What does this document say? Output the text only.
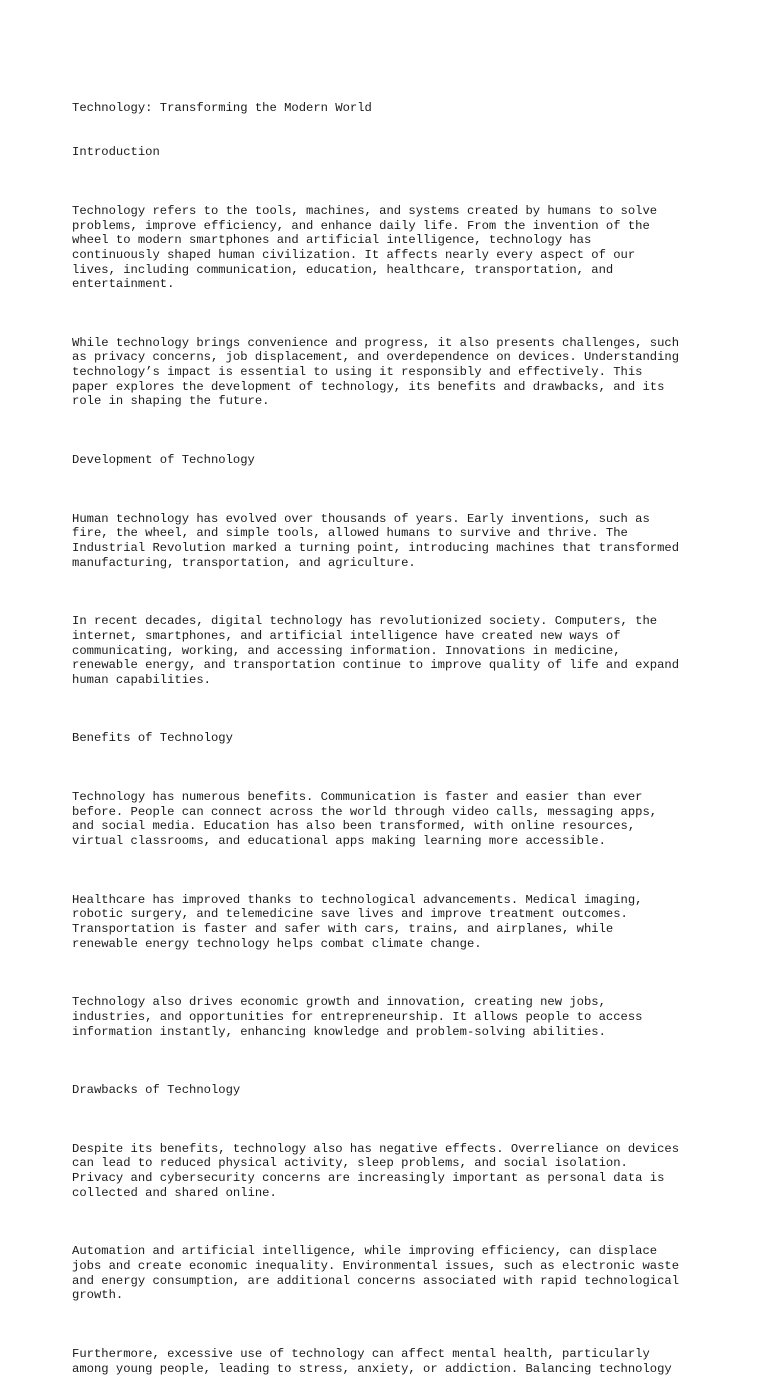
Technology: Transforming the Modern World

Introduction

Technology refers to the tools, machines, and systems created by humans to solve
problems, improve efficiency, and enhance daily life. From the invention of the
wheel to modern smartphones and artificial intelligence, technology has
continuously shaped human civilization. It affects nearly every aspect of our
lives, including communication, education, healthcare, transportation, and
entertainment.

While technology brings convenience and progress, it also presents challenges, such
as privacy concerns, job displacement, and overdependence on devices. Understanding
technology’s impact is essential to using it responsibly and effectively. This
paper explores the development of technology, its benefits and drawbacks, and its
role in shaping the future.

Development of Technology

Human technology has evolved over thousands of years. Early inventions, such as
fire, the wheel, and simple tools, allowed humans to survive and thrive. The
Industrial Revolution marked a turning point, introducing machines that transformed
manufacturing, transportation, and agriculture.

In recent decades, digital technology has revolutionized society. Computers, the
internet, smartphones, and artificial intelligence have created new ways of
communicating, working, and accessing information. Innovations in medicine,
renewable energy, and transportation continue to improve quality of life and expand
human capabilities.

Benefits of Technology

Technology has numerous benefits. Communication is faster and easier than ever
before. People can connect across the world through video calls, messaging apps,
and social media. Education has also been transformed, with online resources,
virtual classrooms, and educational apps making learning more accessible.

Healthcare has improved thanks to technological advancements. Medical imaging,
robotic surgery, and telemedicine save lives and improve treatment outcomes.
Transportation is faster and safer with cars, trains, and airplanes, while
renewable energy technology helps combat climate change.

Technology also drives economic growth and innovation, creating new jobs,
industries, and opportunities for entrepreneurship. It allows people to access
information instantly, enhancing knowledge and problem-solving abilities.

Drawbacks of Technology

Despite its benefits, technology also has negative effects. Overreliance on devices
can lead to reduced physical activity, sleep problems, and social isolation.
Privacy and cybersecurity concerns are increasingly important as personal data is
collected and shared online.

Automation and artificial intelligence, while improving efficiency, can displace
jobs and create economic inequality. Environmental issues, such as electronic waste
and energy consumption, are additional concerns associated with rapid technological
growth.

Furthermore, excessive use of technology can affect mental health, particularly
among young people, leading to stress, anxiety, or addiction. Balancing technology
